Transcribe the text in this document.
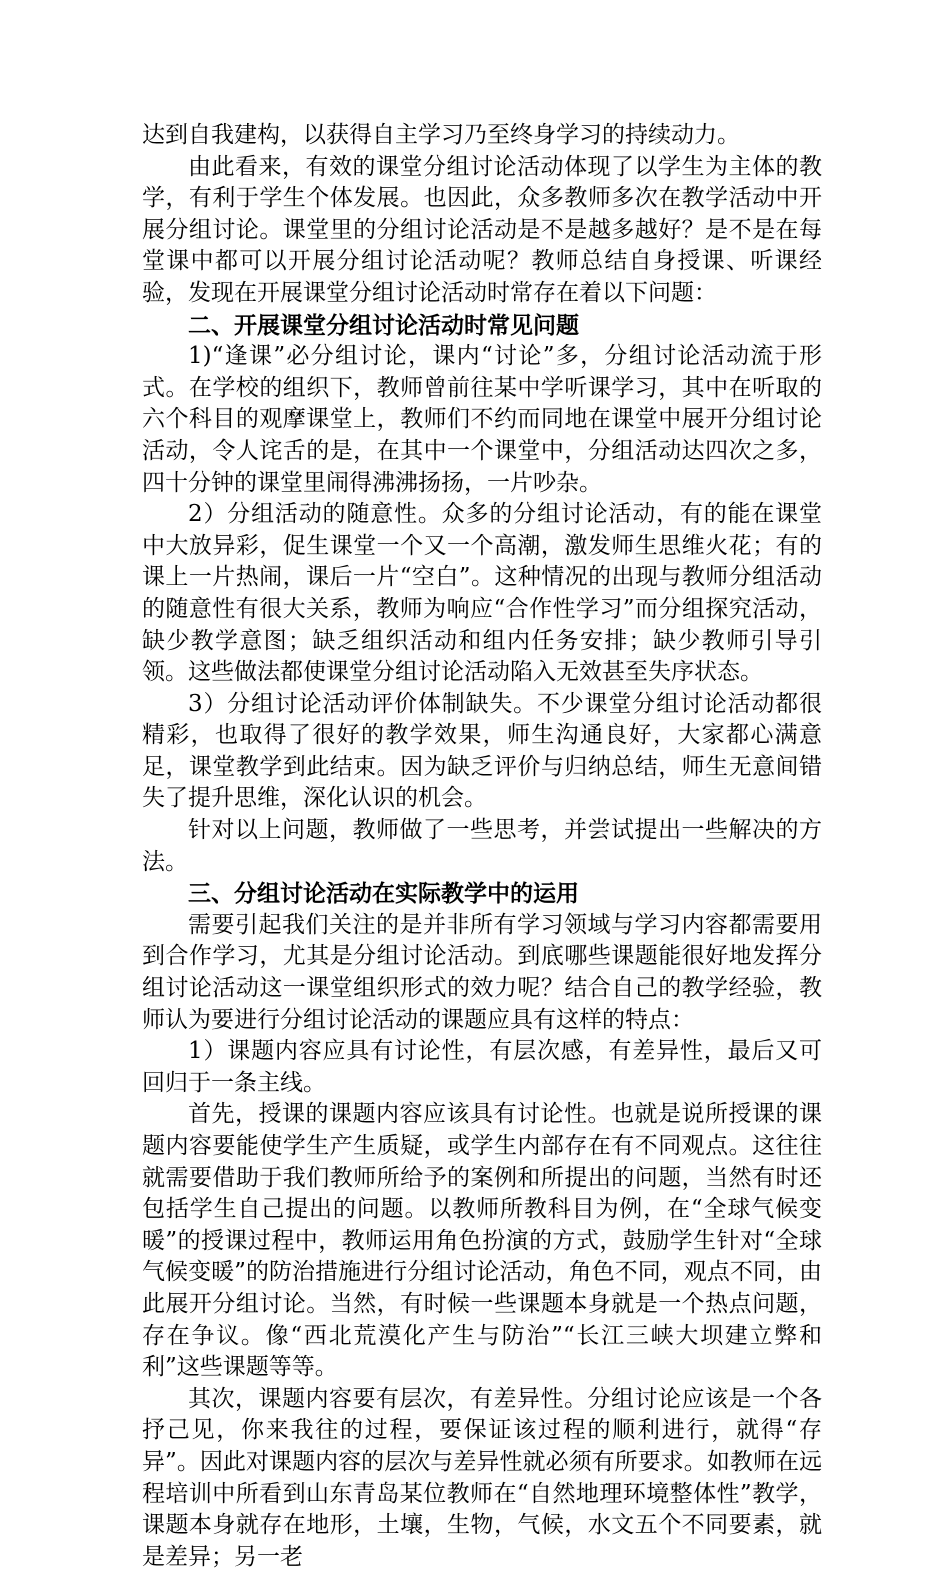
达到自我建构，以获得自主学习乃至终身学习的持续动力。

由此看来，有效的课堂分组讨论活动体现了以学生为主体的教学，有利于学生个体发展。也因此，众多教师多次在教学活动中开展分组讨论。课堂里的分组讨论活动是不是越多越好？是不是在每堂课中都可以开展分组讨论活动呢？教师总结自身授课、听课经验，发现在开展课堂分组讨论活动时常存在着以下问题：

二、开展课堂分组讨论活动时常见问题

1)“逢课”必分组讨论，课内“讨论”多，分组讨论活动流于形式。在学校的组织下，教师曾前往某中学听课学习，其中在听取的六个科目的观摩课堂上，教师们不约而同地在课堂中展开分组讨论活动，令人诧舌的是，在其中一个课堂中，分组活动达四次之多，四十分钟的课堂里闹得沸沸扬扬，一片吵杂。

2）分组活动的随意性。众多的分组讨论活动，有的能在课堂中大放异彩，促生课堂一个又一个高潮，激发师生思维火花；有的课上一片热闹，课后一片“空白”。这种情况的出现与教师分组活动的随意性有很大关系，教师为响应“合作性学习”而分组探究活动，缺少教学意图；缺乏组织活动和组内任务安排；缺少教师引导引领。这些做法都使课堂分组讨论活动陷入无效甚至失序状态。

3）分组讨论活动评价体制缺失。不少课堂分组讨论活动都很精彩，也取得了很好的教学效果，师生沟通良好，大家都心满意足，课堂教学到此结束。因为缺乏评价与归纳总结，师生无意间错失了提升思维，深化认识的机会。

针对以上问题，教师做了一些思考，并尝试提出一些解决的方法。

三、分组讨论活动在实际教学中的运用

需要引起我们关注的是并非所有学习领域与学习内容都需要用到合作学习，尤其是分组讨论活动。到底哪些课题能很好地发挥分组讨论活动这一课堂组织形式的效力呢？结合自己的教学经验，教师认为要进行分组讨论活动的课题应具有这样的特点：

1）课题内容应具有讨论性，有层次感，有差异性，最后又可回归于一条主线。

首先，授课的课题内容应该具有讨论性。也就是说所授课的课题内容要能使学生产生质疑，或学生内部存在有不同观点。这往往就需要借助于我们教师所给予的案例和所提出的问题，当然有时还包括学生自己提出的问题。以教师所教科目为例，在“全球气候变暖”的授课过程中，教师运用角色扮演的方式，鼓励学生针对“全球气候变暖”的防治措施进行分组讨论活动，角色不同，观点不同，由此展开分组讨论。当然，有时候一些课题本身就是一个热点问题，存在争议。像“西北荒漠化产生与防治”“长江三峡大坝建立弊和利”这些课题等等。

其次，课题内容要有层次，有差异性。分组讨论应该是一个各抒己见，你来我往的过程，要保证该过程的顺利进行，就得“存异”。因此对课题内容的层次与差异性就必须有所要求。如教师在远程培训中所看到山东青岛某位教师在“自然地理环境整体性”教学，课题本身就存在地形，土壤，生物，气候，水文五个不同要素，就是差异；另一老
